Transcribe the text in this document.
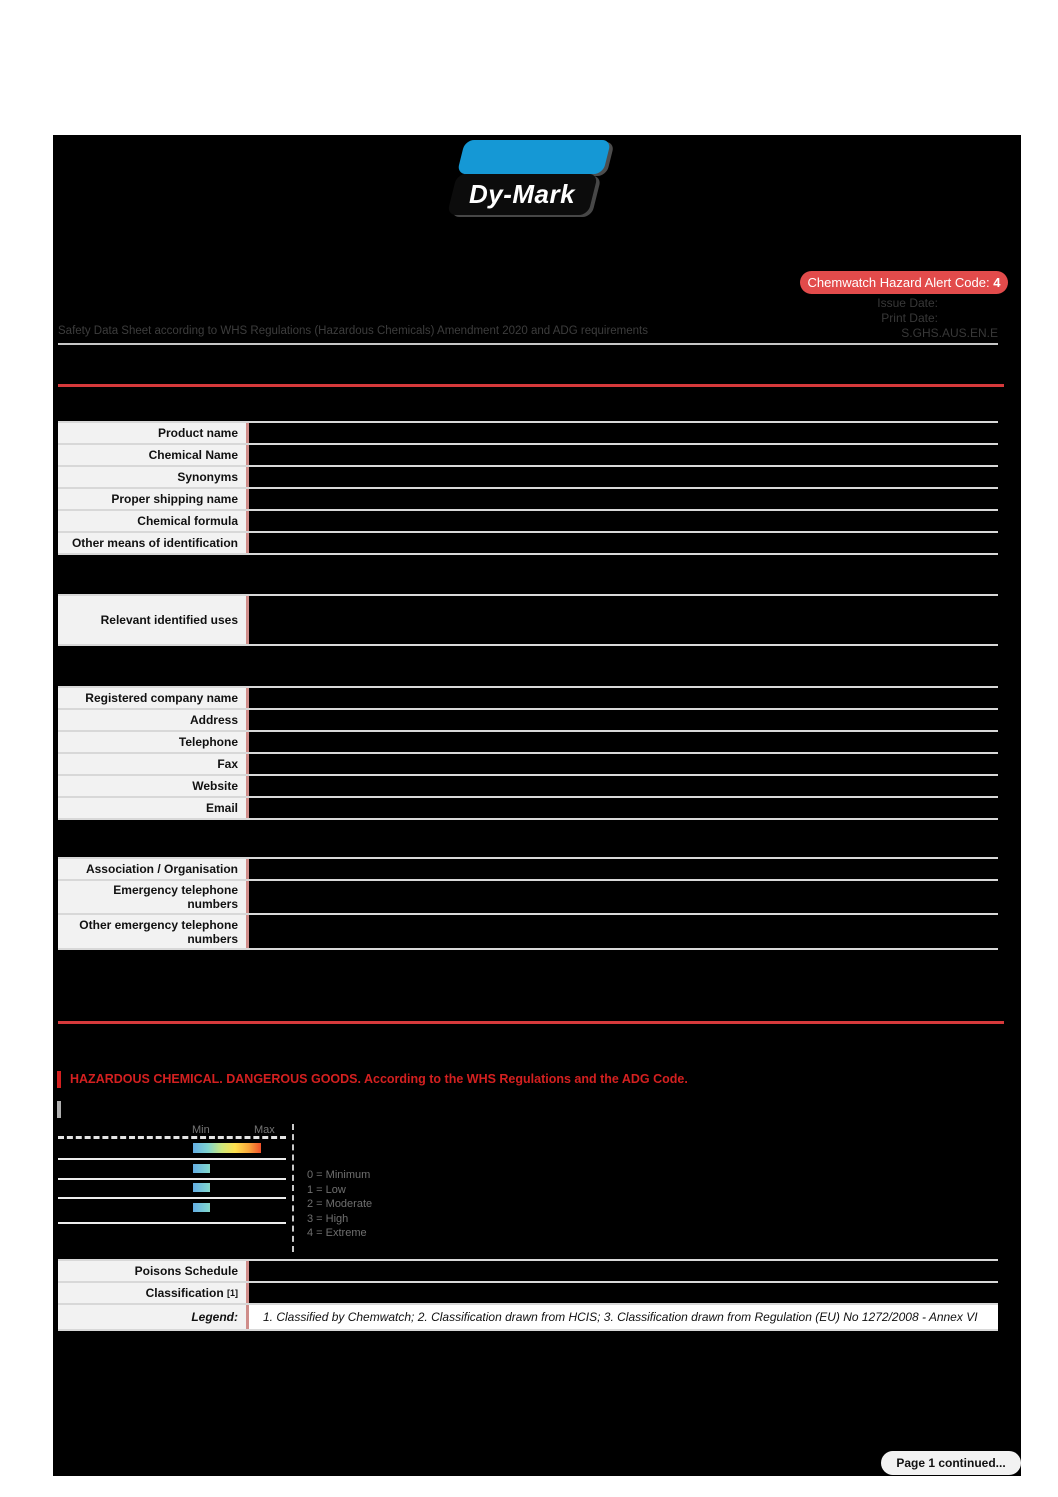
Dy-Mark
Chemwatch Hazard Alert Code: 4
Issue Date:
Print Date:
Safety Data Sheet according to WHS Regulations (Hazardous Chemicals) Amendment 2020 and ADG requirements	S.GHS.AUS.EN.E
Product name
Chemical Name
Synonyms
Proper shipping name
Chemical formula
Other means of identification
Relevant identified uses
Registered company name
Address
Telephone
Fax
Website
Email
Association / Organisation
Emergency telephone numbers
Other emergency telephone numbers
HAZARDOUS CHEMICAL. DANGEROUS GOODS. According to the WHS Regulations and the ADG Code.
Min	Max
0 = Minimum
1 = Low
2 = Moderate
3 = High
4 = Extreme
Poisons Schedule
Classification
[1]
Legend:	1. Classified by Chemwatch; 2. Classification drawn from HCIS; 3. Classification drawn from Regulation (EU) No 1272/2008 - Annex VI
Page 1 continued...
